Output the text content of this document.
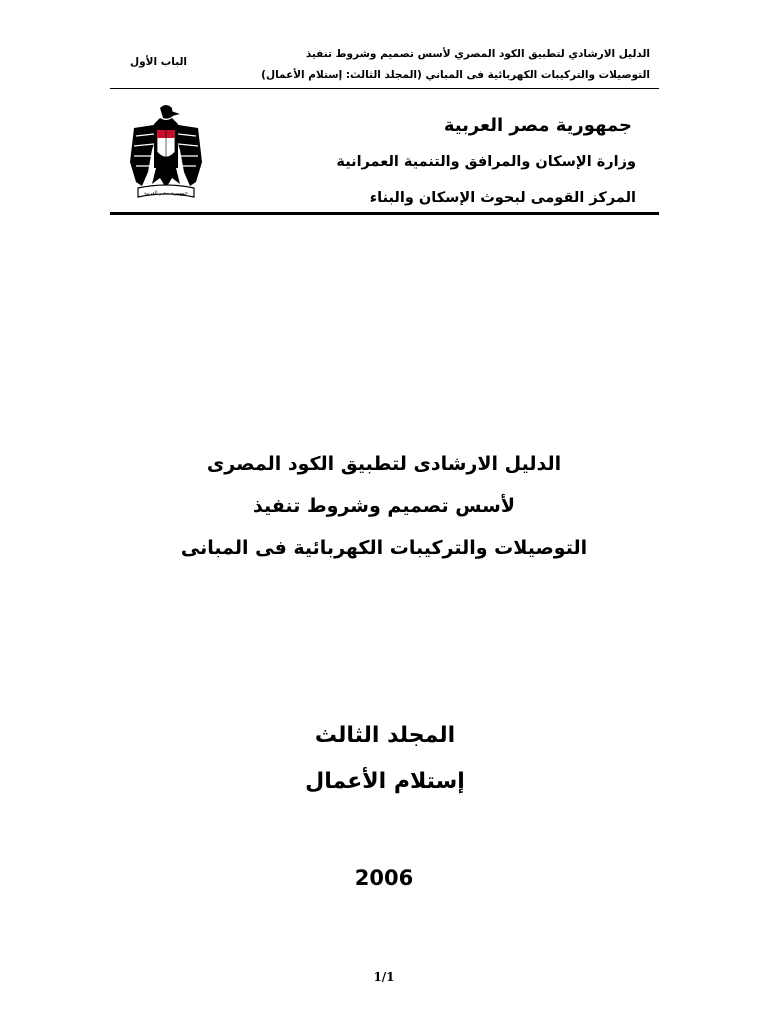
الدليل الارشادي لتطبيق الكود المصري لأسس تصميم وشروط تنفيذ
التوصيلات والتركيبات الكهربائية فى المباني (المجلد الثالث: إستلام الأعمال)
الباب الأول
جمهورية مصر العربية
وزارة الإسكان والمرافق والتنمية العمرانية
المركز القومى لبحوث الإسكان والبناء
جمهورية مصر العربية
الدليل الارشادى لتطبيق الكود المصرى
لأسس تصميم وشروط تنفيذ
التوصيلات والتركيبات الكهربائية فى المبانى
المجلد الثالث
إستلام الأعمال
2006
1/1
